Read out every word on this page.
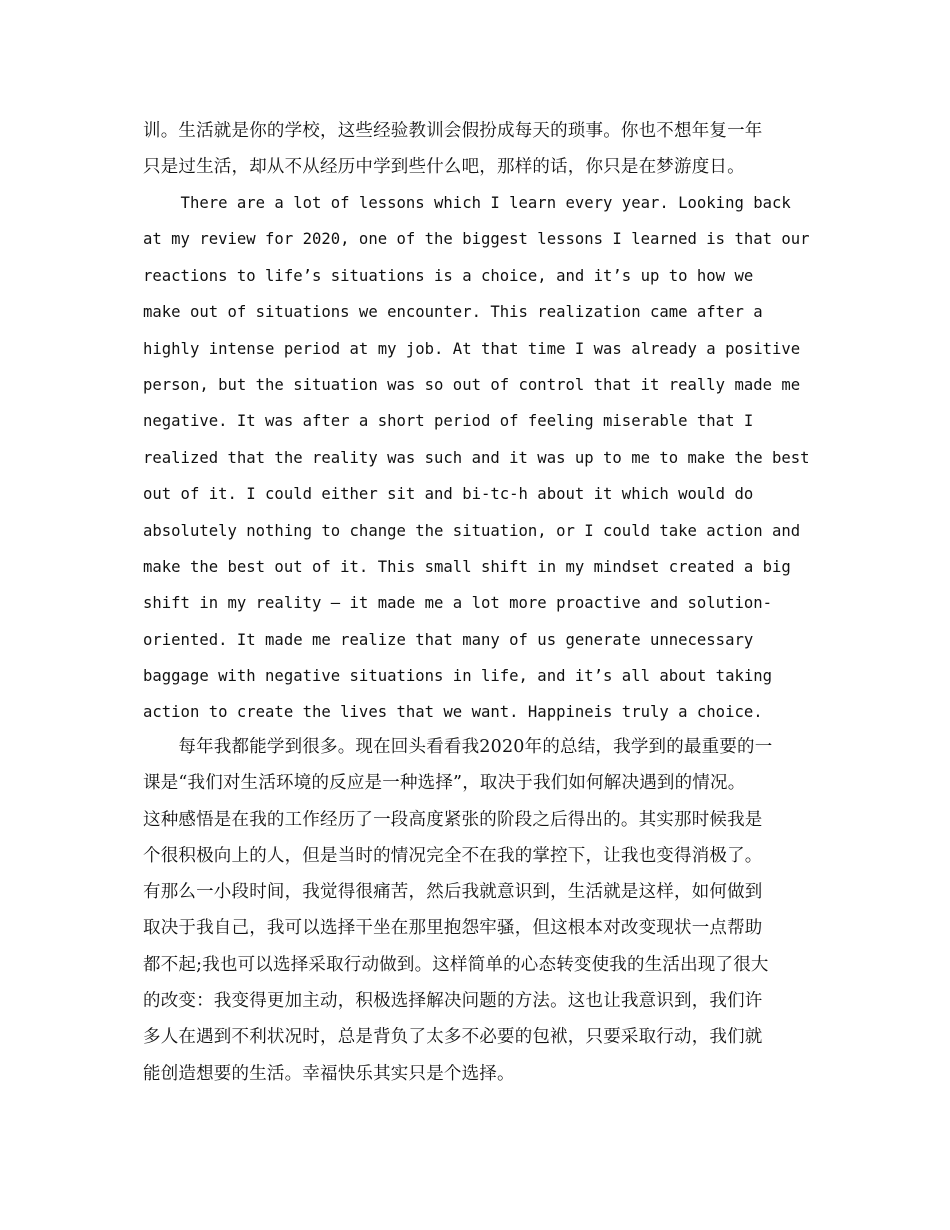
训。生活就是你的学校，这些经验教训会假扮成每天的琐事。你也不想年复一年
只是过生活，却从不从经历中学到些什么吧，那样的话，你只是在梦游度日。
There are a lot of lessons which I learn every year. Looking back
at my review for 2020, one of the biggest lessons I learned is that our
reactions to life’s situations is a choice, and it’s up to how we
make out of situations we encounter. This realization came after a
highly intense period at my job. At that time I was already a positive
person, but the situation was so out of control that it really made me
negative. It was after a short period of feeling miserable that I
realized that the reality was such and it was up to me to make the best
out of it. I could either sit and bi-tc-h about it which would do
absolutely nothing to change the situation, or I could take action and
make the best out of it. This small shift in my mindset created a big
shift in my reality – it made me a lot more proactive and solution-
oriented. It made me realize that many of us generate unnecessary
baggage with negative situations in life, and it’s all about taking
action to create the lives that we want. Happineis truly a choice.
　　每年我都能学到很多。现在回头看看我2020年的总结，我学到的最重要的一
课是“我们对生活环境的反应是一种选择”，取决于我们如何解决遇到的情况。
这种感悟是在我的工作经历了一段高度紧张的阶段之后得出的。其实那时候我是
个很积极向上的人，但是当时的情况完全不在我的掌控下，让我也变得消极了。
有那么一小段时间，我觉得很痛苦，然后我就意识到，生活就是这样，如何做到
取决于我自己，我可以选择干坐在那里抱怨牢骚，但这根本对改变现状一点帮助
都不起;我也可以选择采取行动做到。这样简单的心态转变使我的生活出现了很大
的改变：我变得更加主动，积极选择解决问题的方法。这也让我意识到，我们许
多人在遇到不利状况时，总是背负了太多不必要的包袱，只要采取行动，我们就
能创造想要的生活。幸福快乐其实只是个选择。
